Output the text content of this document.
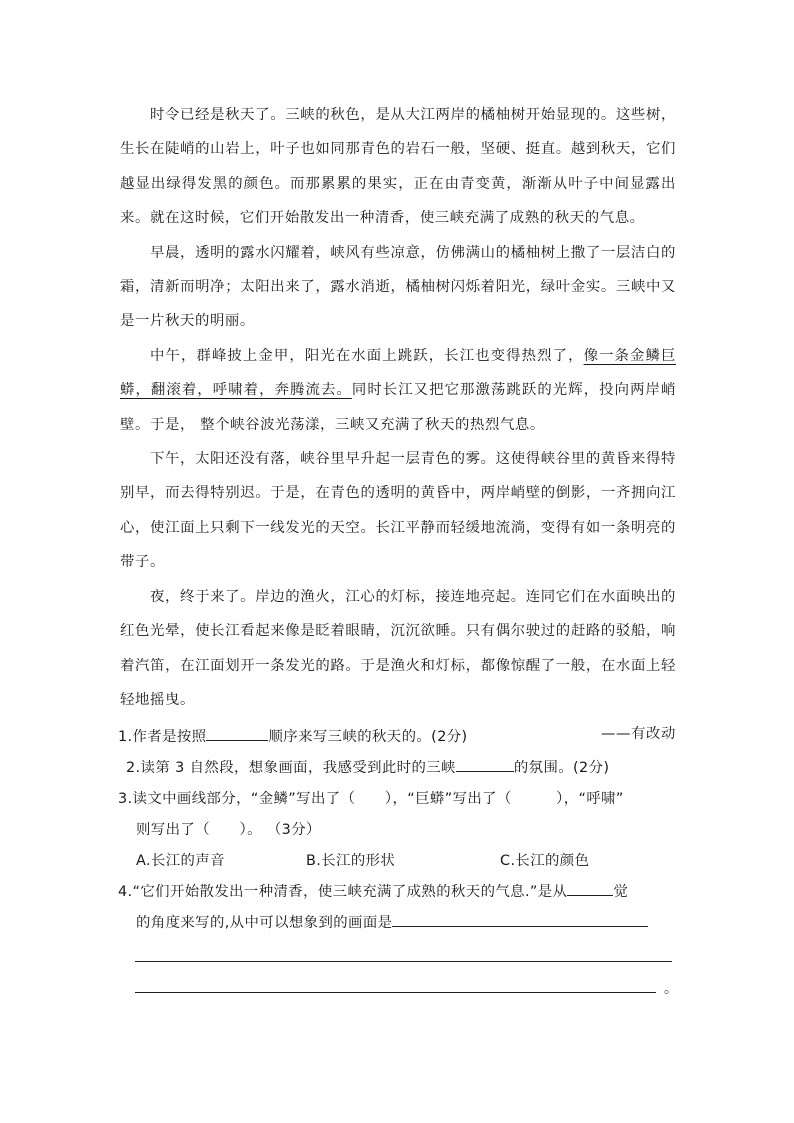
时令已经是秋天了。三峡的秋色，是从大江两岸的橘柚树开始显现的。这些树，生长在陡峭的山岩上，叶子也如同那青色的岩石一般，坚硬、挺直。越到秋天，它们越显出绿得发黑的颜色。而那累累的果实，正在由青变黄，渐渐从叶子中间显露出来。就在这时候，它们开始散发出一种清香，使三峡充满了成熟的秋天的气息。

早晨，透明的露水闪耀着，峡风有些凉意，仿佛满山的橘柚树上撒了一层洁白的霜，清新而明净；太阳出来了，露水消逝，橘柚树闪烁着阳光，绿叶金实。三峡中又是一片秋天的明丽。

中午，群峰披上金甲，阳光在水面上跳跃，长江也变得热烈了，像一条金鳞巨蟒，翻滚着，呼啸着，奔腾流去。同时长江又把它那激荡跳跃的光辉，投向两岸峭壁。于是， 整个峡谷波光荡漾，三峡又充满了秋天的热烈气息。

下午，太阳还没有落，峡谷里早升起一层青色的雾。这使得峡谷里的黄昏来得特别早，而去得特别迟。于是，在青色的透明的黄昏中，两岸峭壁的倒影，一齐拥向江心，使江面上只剩下一线发光的天空。长江平静而轻缓地流淌，变得有如一条明亮的带子。

夜，终于来了。岸边的渔火，江心的灯标，接连地亮起。连同它们在水面映出的红色光晕，使长江看起来像是眨着眼睛，沉沉欲睡。只有偶尔驶过的赶路的驳船，响着汽笛，在江面划开一条发光的路。于是渔火和灯标，都像惊醒了一般，在水面上轻轻地摇曳。

——有改动

1.作者是按照	顺序来写三峡的秋天的。(2分)

2.读第 3 自然段，想象画面，我感受到此时的三峡	的氛围。(2分)

3.读文中画线部分，“金鳞”写出了（　　），“巨蟒”写出了（　　　），“呼啸”

则写出了（　　）。 （3分）

A.长江的声音	B.长江的形状	C.长江的颜色

4.“它们开始散发出一种清香，使三峡充满了成熟的秋天的气息.”是从	觉

的角度来写的,从中可以想象到的画面是

。
